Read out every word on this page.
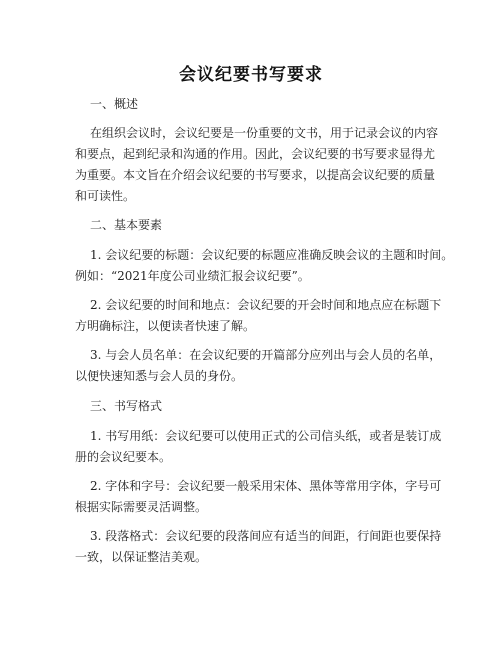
会议纪要书写要求
一、概述
在组织会议时，会议纪要是一份重要的文书，用于记录会议的内容
和要点，起到纪录和沟通的作用。因此，会议纪要的书写要求显得尤
为重要。本文旨在介绍会议纪要的书写要求，以提高会议纪要的质量
和可读性。
二、基本要素
1. 会议纪要的标题：会议纪要的标题应准确反映会议的主题和时间。
例如：“2021年度公司业绩汇报会议纪要”。
2. 会议纪要的时间和地点：会议纪要的开会时间和地点应在标题下
方明确标注，以便读者快速了解。
3. 与会人员名单：在会议纪要的开篇部分应列出与会人员的名单，
以便快速知悉与会人员的身份。
三、书写格式
1. 书写用纸：会议纪要可以使用正式的公司信头纸，或者是装订成
册的会议纪要本。
2. 字体和字号：会议纪要一般采用宋体、黑体等常用字体，字号可
根据实际需要灵活调整。
3. 段落格式：会议纪要的段落间应有适当的间距，行间距也要保持
一致，以保证整洁美观。
